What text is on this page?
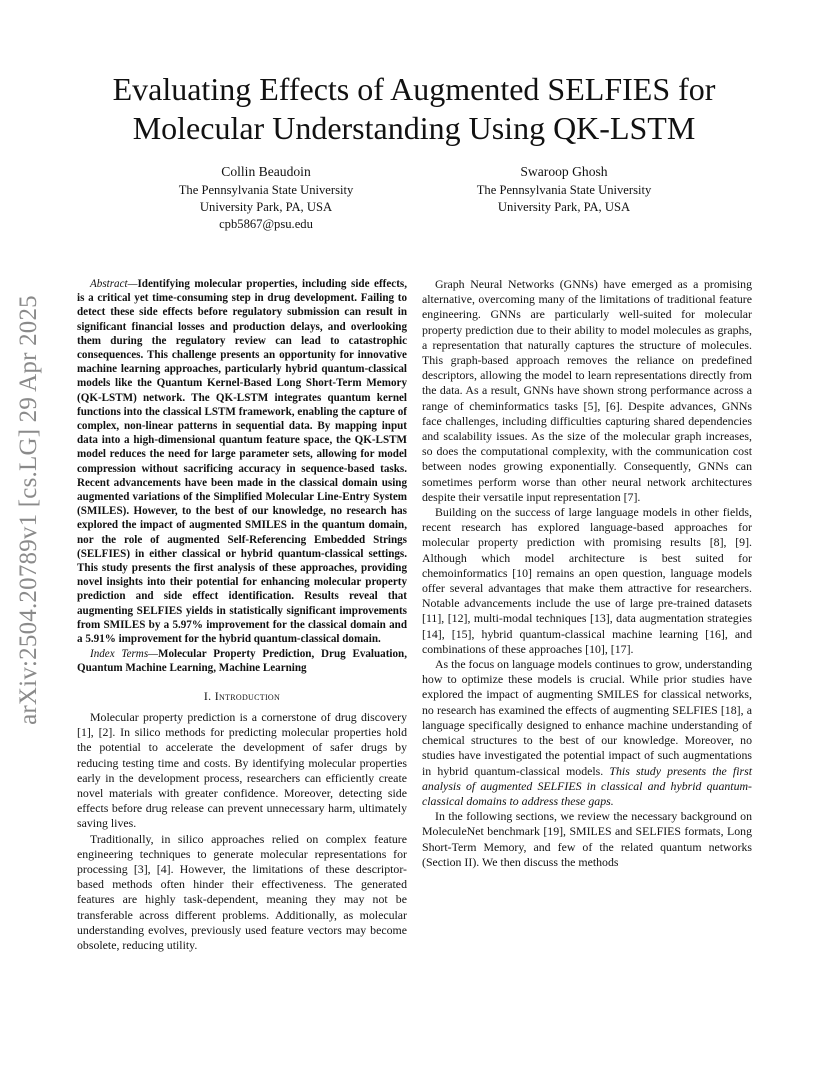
arXiv:2504.20789v1 [cs.LG] 29 Apr 2025
Evaluating Effects of Augmented SELFIES for Molecular Understanding Using QK-LSTM
Collin Beaudoin
The Pennsylvania State University
University Park, PA, USA
cpb5867@psu.edu
Swaroop Ghosh
The Pennsylvania State University
University Park, PA, USA

Abstract—Identifying molecular properties, including side effects, is a critical yet time-consuming step in drug development. Failing to detect these side effects before regulatory submission can result in significant financial losses and production delays, and overlooking them during the regulatory review can lead to catastrophic consequences. This challenge presents an opportunity for innovative machine learning approaches, particularly hybrid quantum-classical models like the Quantum Kernel-Based Long Short-Term Memory (QK-LSTM) network. The QK-LSTM integrates quantum kernel functions into the classical LSTM framework, enabling the capture of complex, non-linear patterns in sequential data. By mapping input data into a high-dimensional quantum feature space, the QK-LSTM model reduces the need for large parameter sets, allowing for model compression without sacrificing accuracy in sequence-based tasks. Recent advancements have been made in the classical domain using augmented variations of the Simplified Molecular Line-Entry System (SMILES). However, to the best of our knowledge, no research has explored the impact of augmented SMILES in the quantum domain, nor the role of augmented Self-Referencing Embedded Strings (SELFIES) in either classical or hybrid quantum-classical settings. This study presents the first analysis of these approaches, providing novel insights into their potential for enhancing molecular property prediction and side effect identification. Results reveal that augmenting SELFIES yields in statistically significant improvements from SMILES by a 5.97% improvement for the classical domain and a 5.91% improvement for the hybrid quantum-classical domain.

Index Terms—Molecular Property Prediction, Drug Evaluation, Quantum Machine Learning, Machine Learning

I. Introduction

Molecular property prediction is a cornerstone of drug discovery [1], [2]. In silico methods for predicting molecular properties hold the potential to accelerate the development of safer drugs by reducing testing time and costs. By identifying molecular properties early in the development process, researchers can efficiently create novel materials with greater confidence. Moreover, detecting side effects before drug release can prevent unnecessary harm, ultimately saving lives.

Traditionally, in silico approaches relied on complex feature engineering techniques to generate molecular representations for processing [3], [4]. However, the limitations of these descriptor-based methods often hinder their effectiveness. The generated features are highly task-dependent, meaning they may not be transferable across different problems. Additionally, as molecular understanding evolves, previously used feature vectors may become obsolete, reducing utility.

Graph Neural Networks (GNNs) have emerged as a promising alternative, overcoming many of the limitations of traditional feature engineering. GNNs are particularly well-suited for molecular property prediction due to their ability to model molecules as graphs, a representation that naturally captures the structure of molecules. This graph-based approach removes the reliance on predefined descriptors, allowing the model to learn representations directly from the data. As a result, GNNs have shown strong performance across a range of cheminformatics tasks [5], [6]. Despite advances, GNNs face challenges, including difficulties capturing shared dependencies and scalability issues. As the size of the molecular graph increases, so does the computational complexity, with the communication cost between nodes growing exponentially. Consequently, GNNs can sometimes perform worse than other neural network architectures despite their versatile input representation [7].

Building on the success of large language models in other fields, recent research has explored language-based approaches for molecular property prediction with promising results [8], [9]. Although which model architecture is best suited for chemoinformatics [10] remains an open question, language models offer several advantages that make them attractive for researchers. Notable advancements include the use of large pre-trained datasets [11], [12], multi-modal techniques [13], data augmentation strategies [14], [15], hybrid quantum-classical machine learning [16], and combinations of these approaches [10], [17].

As the focus on language models continues to grow, understanding how to optimize these models is crucial. While prior studies have explored the impact of augmenting SMILES for classical networks, no research has examined the effects of augmenting SELFIES [18], a language specifically designed to enhance machine understanding of chemical structures to the best of our knowledge. Moreover, no studies have investigated the potential impact of such augmentations in hybrid quantum-classical models. This study presents the first analysis of augmented SELFIES in classical and hybrid quantum-classical domains to address these gaps.

In the following sections, we review the necessary background on MoleculeNet benchmark [19], SMILES and SELFIES formats, Long Short-Term Memory, and few of the related quantum networks (Section II). We then discuss the methods
